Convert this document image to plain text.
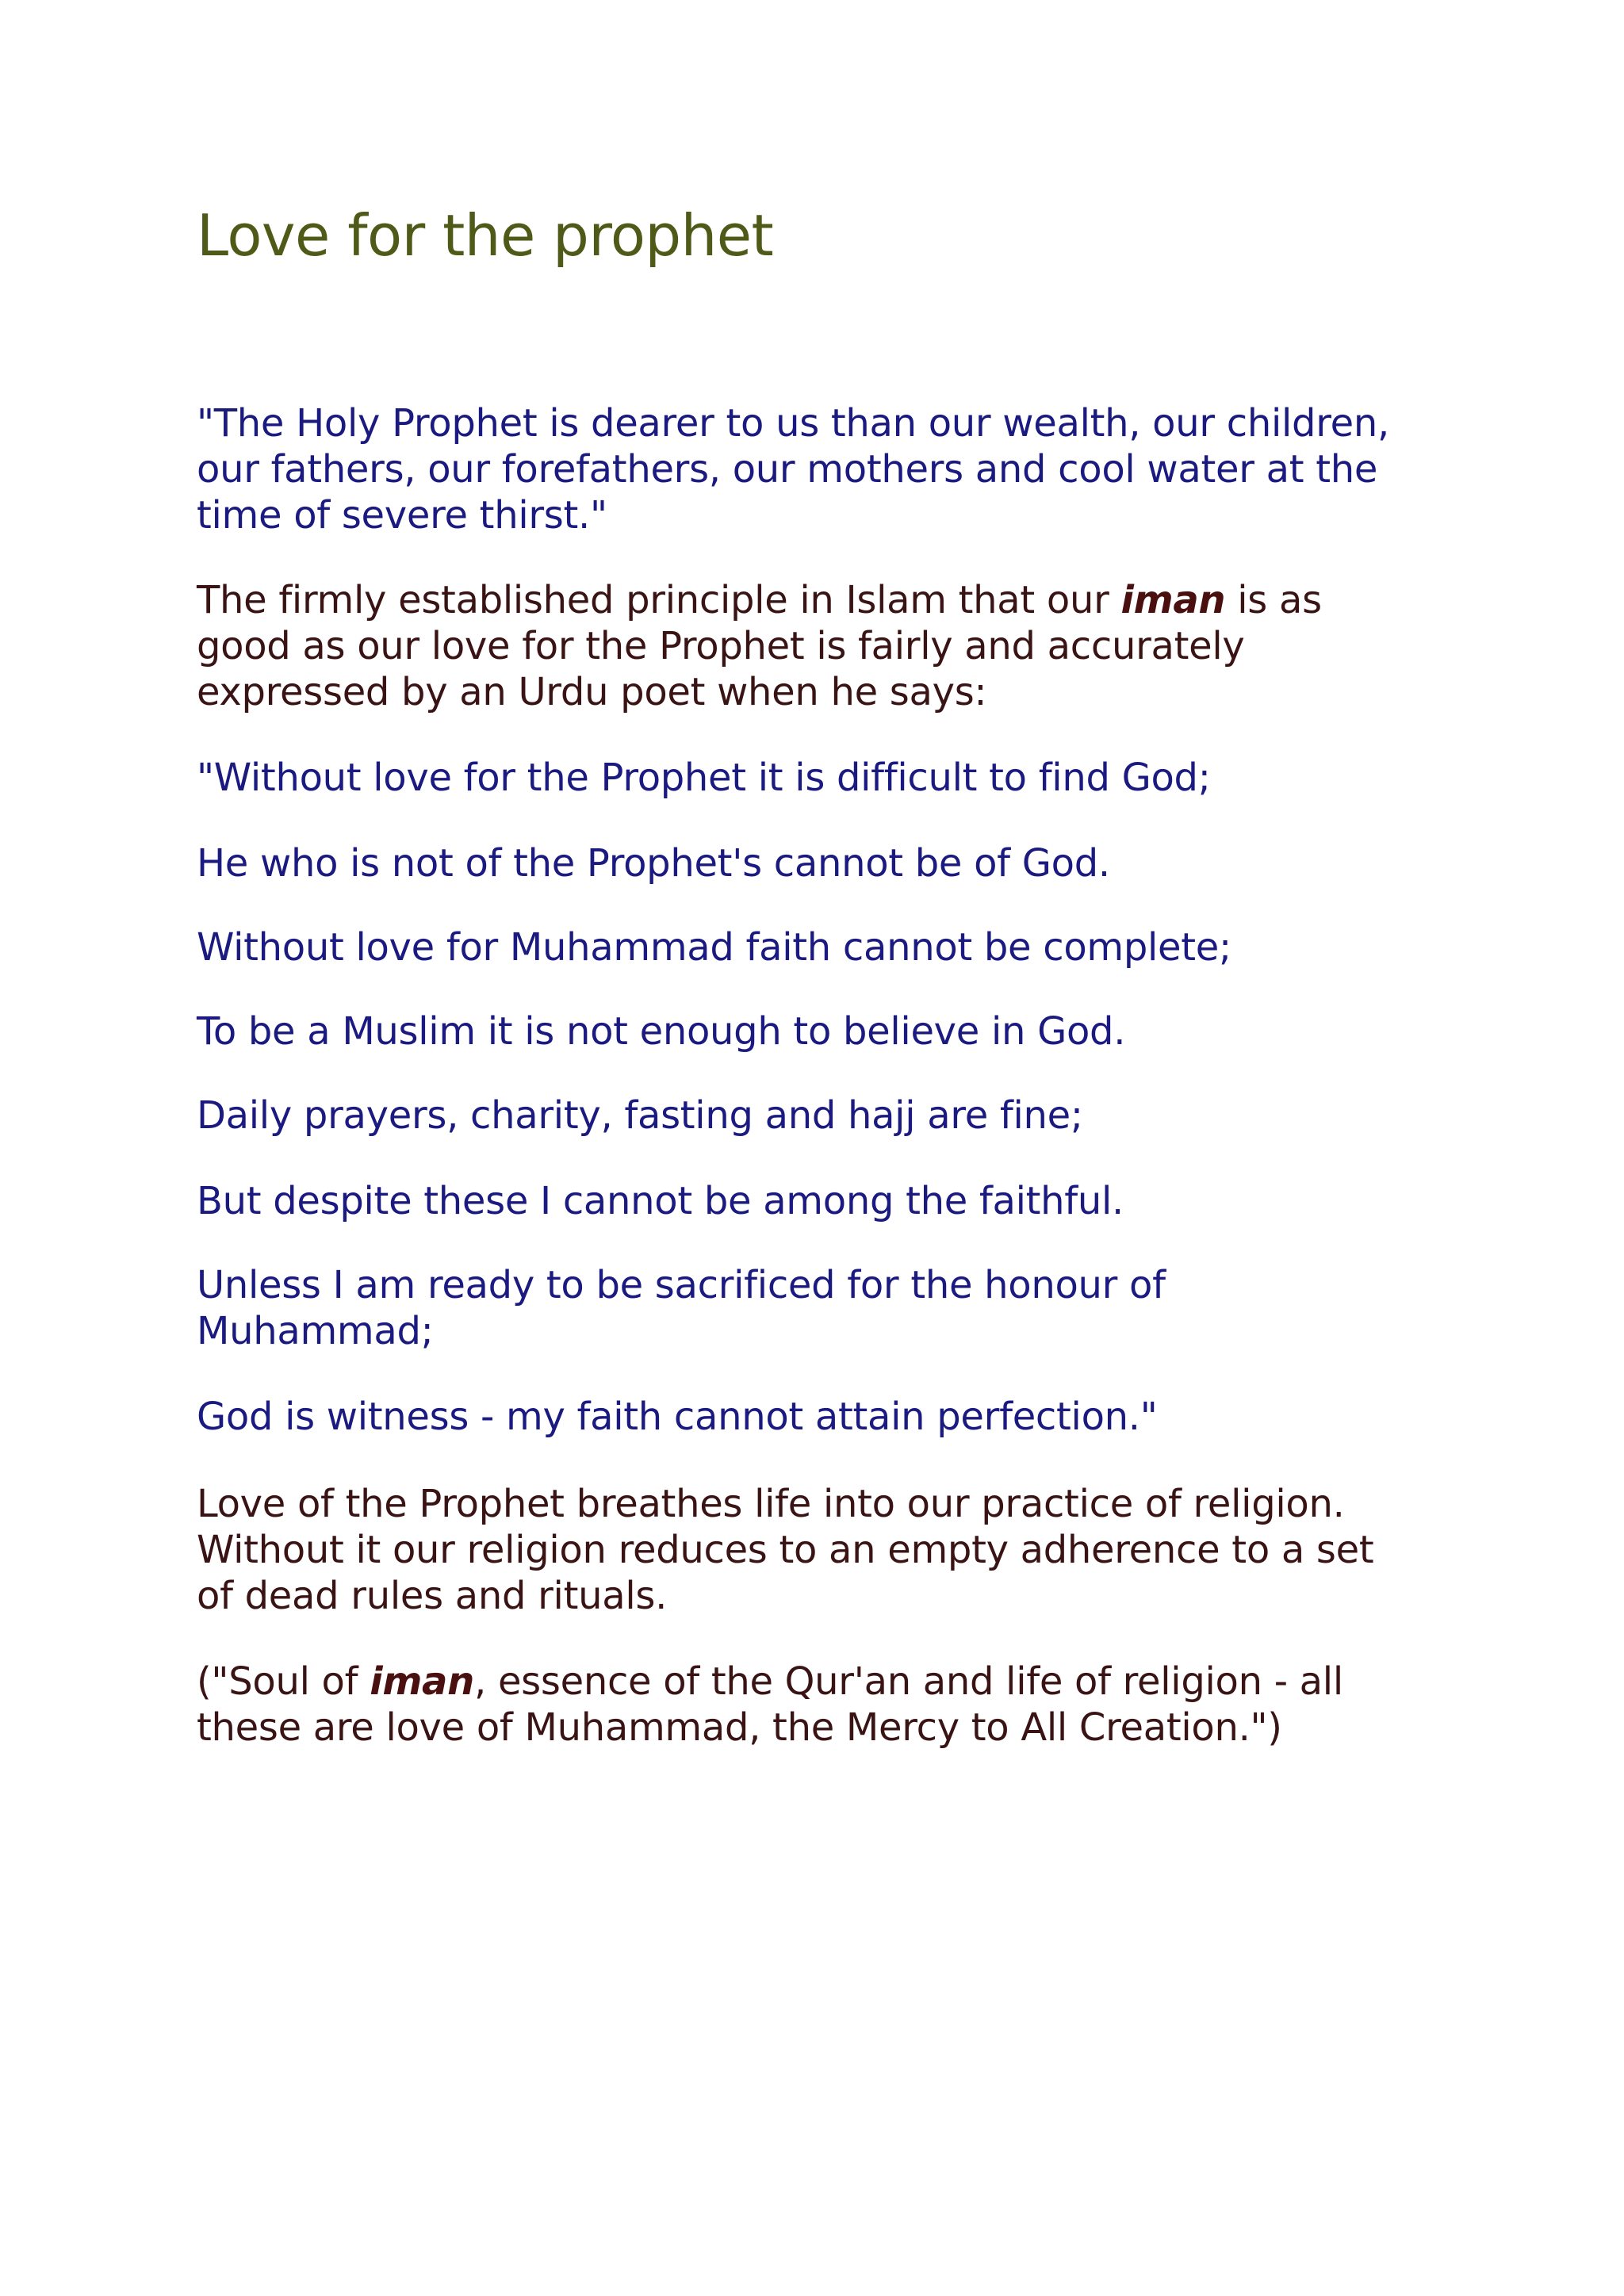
Love for the prophet

"The Holy Prophet is dearer to us than our wealth, our children,
our fathers, our forefathers, our mothers and cool water at the
time of severe thirst."

The firmly established principle in Islam that our iman is as
good as our love for the Prophet is fairly and accurately
expressed by an Urdu poet when he says:

"Without love for the Prophet it is difficult to find God;

He who is not of the Prophet's cannot be of God.

Without love for Muhammad faith cannot be complete;

To be a Muslim it is not enough to believe in God.

Daily prayers, charity, fasting and hajj are fine;

But despite these I cannot be among the faithful.

Unless I am ready to be sacrificed for the honour of
Muhammad;

God is witness - my faith cannot attain perfection."

Love of the Prophet breathes life into our practice of religion.
Without it our religion reduces to an empty adherence to a set
of dead rules and rituals.

("Soul of iman, essence of the Qur'an and life of religion - all
these are love of Muhammad, the Mercy to All Creation.")
